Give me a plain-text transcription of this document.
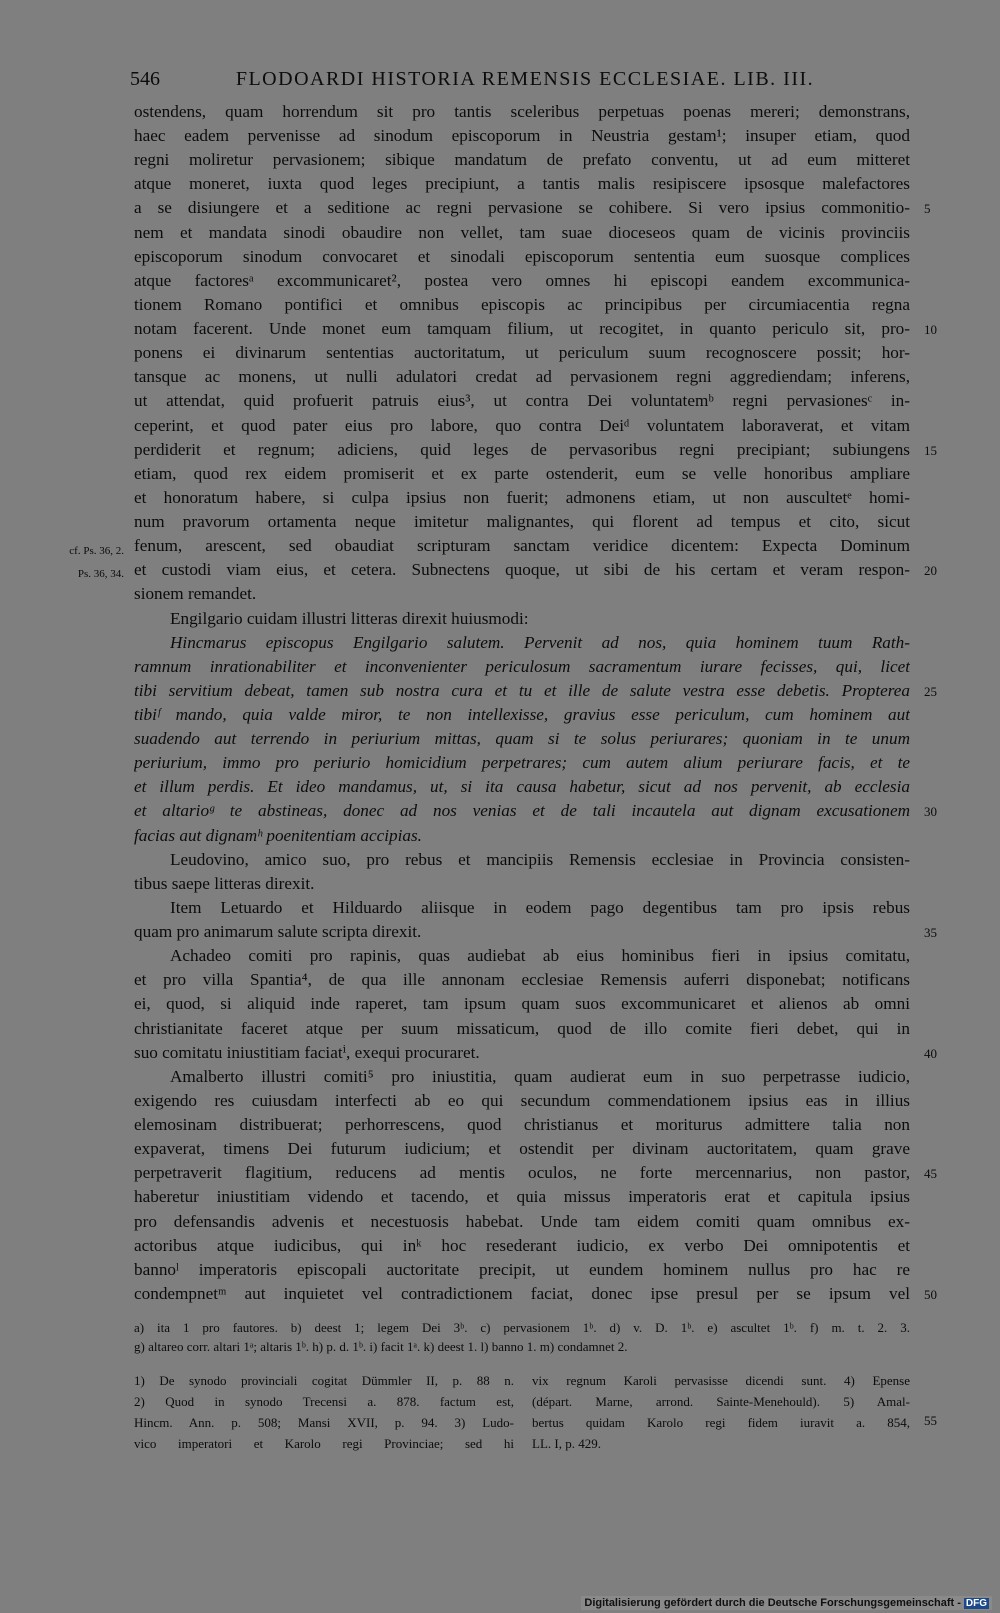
546	FLODOARDI HISTORIA REMENSIS ECCLESIAE. LIB. III.
ostendens, quam horrendum sit pro tantis sceleribus perpetuas poenas mereri; demonstrans,
haec eadem pervenisse ad sinodum episcoporum in Neustria gestam¹; insuper etiam, quod
regni moliretur pervasionem; sibique mandatum de prefato conventu, ut ad eum mitteret
atque moneret, iuxta quod leges precipiunt, a tantis malis resipiscere ipsosque malefactores
a se disiungere et a seditione ac regni pervasione se cohibere. Si vero ipsius commonitio-
nem et mandata sinodi obaudire non vellet, tam suae dioceseos quam de vicinis provinciis
episcoporum sinodum convocaret et sinodali episcoporum sententia eum suosque complices
atque factoresᵃ excommunicaret², postea vero omnes hi episcopi eandem excommunica-
tionem Romano pontifici et omnibus episcopis ac principibus per circumiacentia regna
notam facerent. Unde monet eum tamquam filium, ut recogitet, in quanto periculo sit, pro-
ponens ei divinarum sententias auctoritatum, ut periculum suum recognoscere possit; hor-
tansque ac monens, ut nulli adulatori credat ad pervasionem regni aggrediendam; inferens,
ut attendat, quid profuerit patruis eius³, ut contra Dei voluntatemᵇ regni pervasionesᶜ in-
ceperint, et quod pater eius pro labore, quo contra Deiᵈ voluntatem laboraverat, et vitam
perdiderit et regnum; adiciens, quid leges de pervasoribus regni precipiant; subiungens
etiam, quod rex eidem promiserit et ex parte ostenderit, eum se velle honoribus ampliare
et honoratum habere, si culpa ipsius non fuerit; admonens etiam, ut non auscultetᵉ homi-
num pravorum ortamenta neque imitetur malignantes, qui florent ad tempus et cito, sicut
fenum, arescent, sed obaudiat scripturam sanctam veridice dicentem: Expecta Dominum
et custodi viam eius, et cetera. Subnectens quoque, ut sibi de his certam et veram respon-
sionem remandet.
Engilgario cuidam illustri litteras direxit huiusmodi:
Hincmarus episcopus Engilgario salutem. Pervenit ad nos, quia hominem tuum Rath-
ramnum inrationabiliter et inconvenienter periculosum sacramentum iurare fecisses, qui, licet
tibi servitium debeat, tamen sub nostra cura et tu et ille de salute vestra esse debetis. Propterea
tibiᶠ mando, quia valde miror, te non intellexisse, gravius esse periculum, cum hominem aut
suadendo aut terrendo in periurium mittas, quam si te solus periurares; quoniam in te unum
periurium, immo pro periurio homicidium perpetrares; cum autem alium periurare facis, et te
et illum perdis. Et ideo mandamus, ut, si ita causa habetur, sicut ad nos pervenit, ab ecclesia
et altarioᵍ te abstineas, donec ad nos venias et de tali incautela aut dignam excusationem
facias aut dignamʰ poenitentiam accipias.
Leudovino, amico suo, pro rebus et mancipiis Remensis ecclesiae in Provincia consisten-
tibus saepe litteras direxit.
Item Letuardo et Hilduardo aliisque in eodem pago degentibus tam pro ipsis rebus
quam pro animarum salute scripta direxit.
Achadeo comiti pro rapinis, quas audiebat ab eius hominibus fieri in ipsius comitatu,
et pro villa Spantia⁴, de qua ille annonam ecclesiae Remensis auferri disponebat; notificans
ei, quod, si aliquid inde raperet, tam ipsum quam suos excommunicaret et alienos ab omni
christianitate faceret atque per suum missaticum, quod de illo comite fieri debet, qui in
suo comitatu iniustitiam faciatⁱ, exequi procuraret.
Amalberto illustri comiti⁵ pro iniustitia, quam audierat eum in suo perpetrasse iudicio,
exigendo res cuiusdam interfecti ab eo qui secundum commendationem ipsius eas in illius
elemosinam distribuerat; perhorrescens, quod christianus et moriturus admittere talia non
expaverat, timens Dei futurum iudicium; et ostendit per divinam auctoritatem, quam grave
perpetraverit flagitium, reducens ad mentis oculos, ne forte mercennarius, non pastor,
haberetur iniustitiam videndo et tacendo, et quia missus imperatoris erat et capitula ipsius
pro defensandis advenis et necestuosis habebat. Unde tam eidem comiti quam omnibus ex-
actoribus atque iudicibus, qui inᵏ hoc resederant iudicio, ex verbo Dei omnipotentis et
bannoˡ imperatoris episcopali auctoritate precipit, ut eundem hominem nullus pro hac re
condempnetᵐ aut inquietet vel contradictionem faciat, donec ipse presul per se ipsum vel
5
10
15
20
25
30
35
40
45
50
55
cf. Ps. 36, 2.
Ps. 36, 34.
a) ita 1 pro fautores. b) deest 1; legem Dei 3ᵇ. c) pervasionem 1ᵇ. d) v. D. 1ᵇ. e) ascultet 1ᵇ. f) m. t. 2. 3.
g) altareo corr. altari 1ᵃ; altaris 1ᵇ. h) p. d. 1ᵇ. i) facit 1ᵃ. k) deest 1. l) banno 1. m) condamnet 2.
1) De synodo provinciali cogitat Dümmler II, p. 88 n.
2) Quod in synodo Trecensi a. 878. factum est,
Hincm. Ann. p. 508; Mansi XVII, p. 94. 3) Ludo-
vico imperatori et Karolo regi Provinciae; sed hi
vix regnum Karoli pervasisse dicendi sunt. 4) Epense
(départ. Marne, arrond. Sainte-Menehould). 5) Amal-
bertus quidam Karolo regi fidem iuravit a. 854,
LL. I, p. 429.
Digitalisierung gefördert durch die Deutsche Forschungsgemeinschaft - DFG
